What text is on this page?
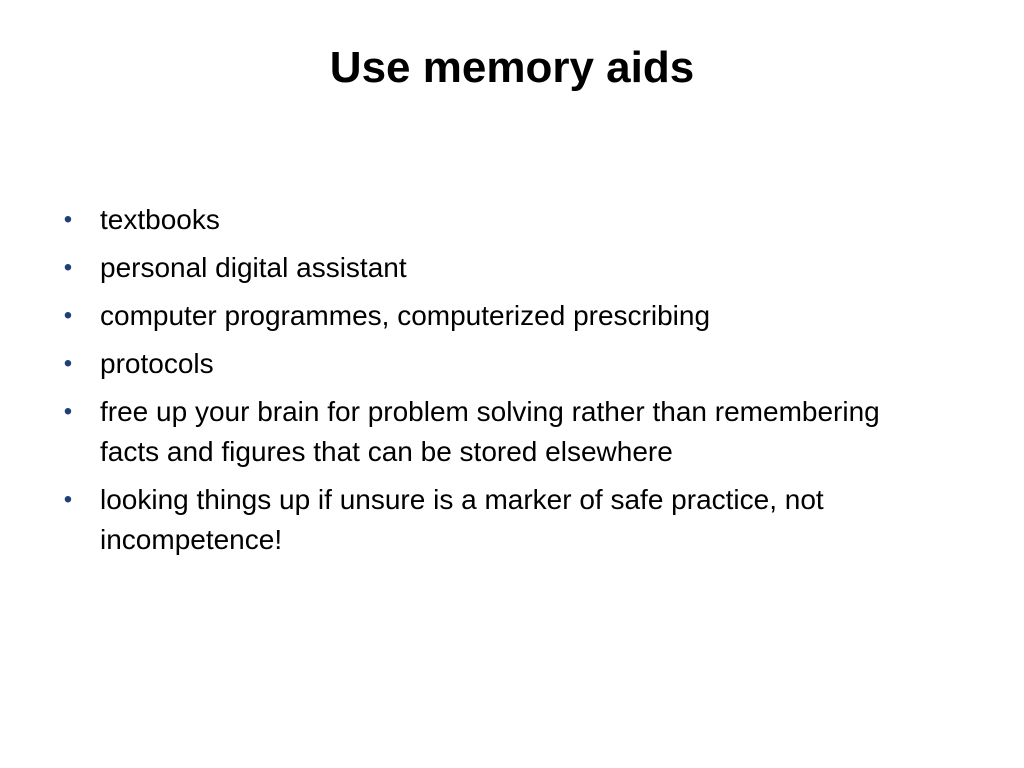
Use memory aids
• textbooks
• personal digital assistant
• computer programmes, computerized prescribing
• protocols
• free up your brain for problem solving rather than remembering facts and figures that can be stored elsewhere
• looking things up if unsure is a marker of safe practice, not incompetence!
